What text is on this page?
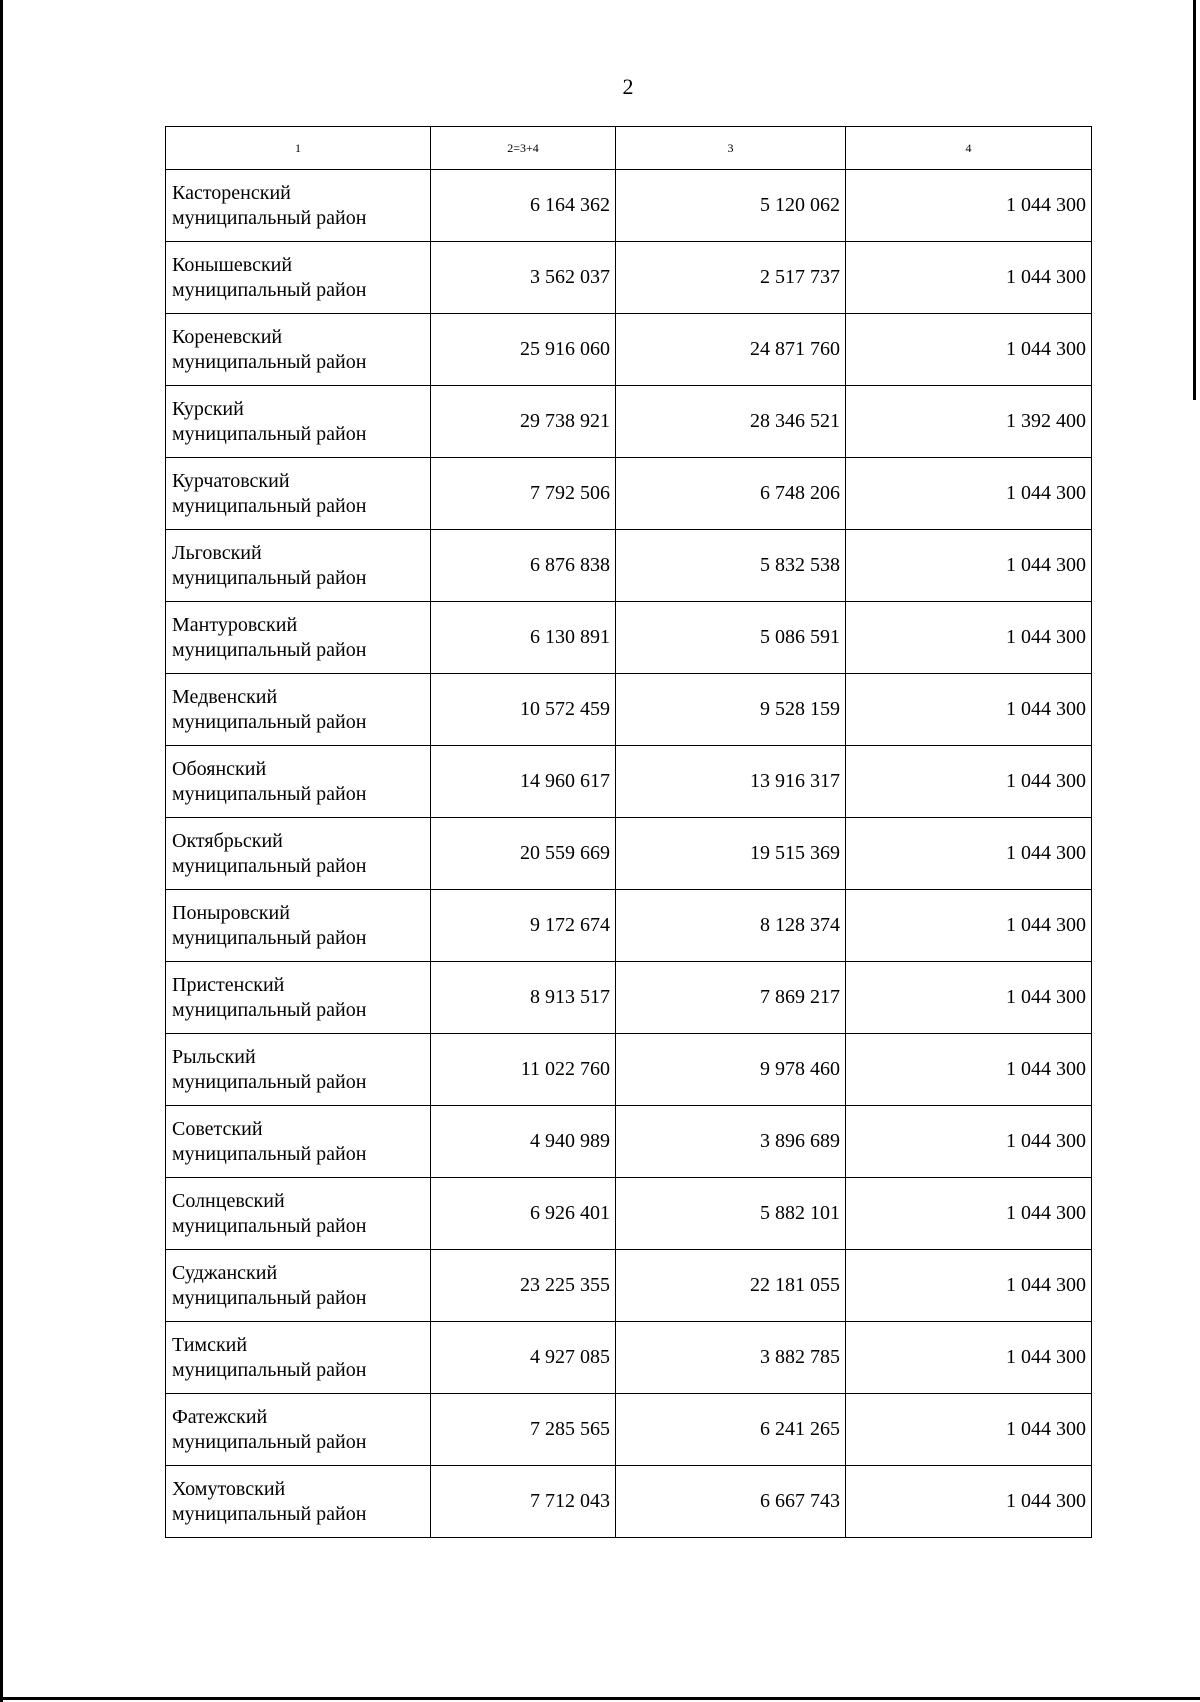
2
1	2=3+4	3	4

Касторенский
муниципальный район	6 164 362	5 120 062	1 044 300

Конышевский
муниципальный район	3 562 037	2 517 737	1 044 300

Кореневский
муниципальный район	25 916 060	24 871 760	1 044 300

Курский
муниципальный район	29 738 921	28 346 521	1 392 400

Курчатовский
муниципальный район	7 792 506	6 748 206	1 044 300

Льговский
муниципальный район	6 876 838	5 832 538	1 044 300

Мантуровский
муниципальный район	6 130 891	5 086 591	1 044 300

Медвенский
муниципальный район	10 572 459	9 528 159	1 044 300

Обоянский
муниципальный район	14 960 617	13 916 317	1 044 300

Октябрьский
муниципальный район	20 559 669	19 515 369	1 044 300

Поныровский
муниципальный район	9 172 674	8 128 374	1 044 300

Пристенский
муниципальный район	8 913 517	7 869 217	1 044 300

Рыльский
муниципальный район	11 022 760	9 978 460	1 044 300

Советский
муниципальный район	4 940 989	3 896 689	1 044 300

Солнцевский
муниципальный район	6 926 401	5 882 101	1 044 300

Суджанский
муниципальный район	23 225 355	22 181 055	1 044 300

Тимский
муниципальный район	4 927 085	3 882 785	1 044 300

Фатежский
муниципальный район	7 285 565	6 241 265	1 044 300

Хомутовский
муниципальный район	7 712 043	6 667 743	1 044 300
